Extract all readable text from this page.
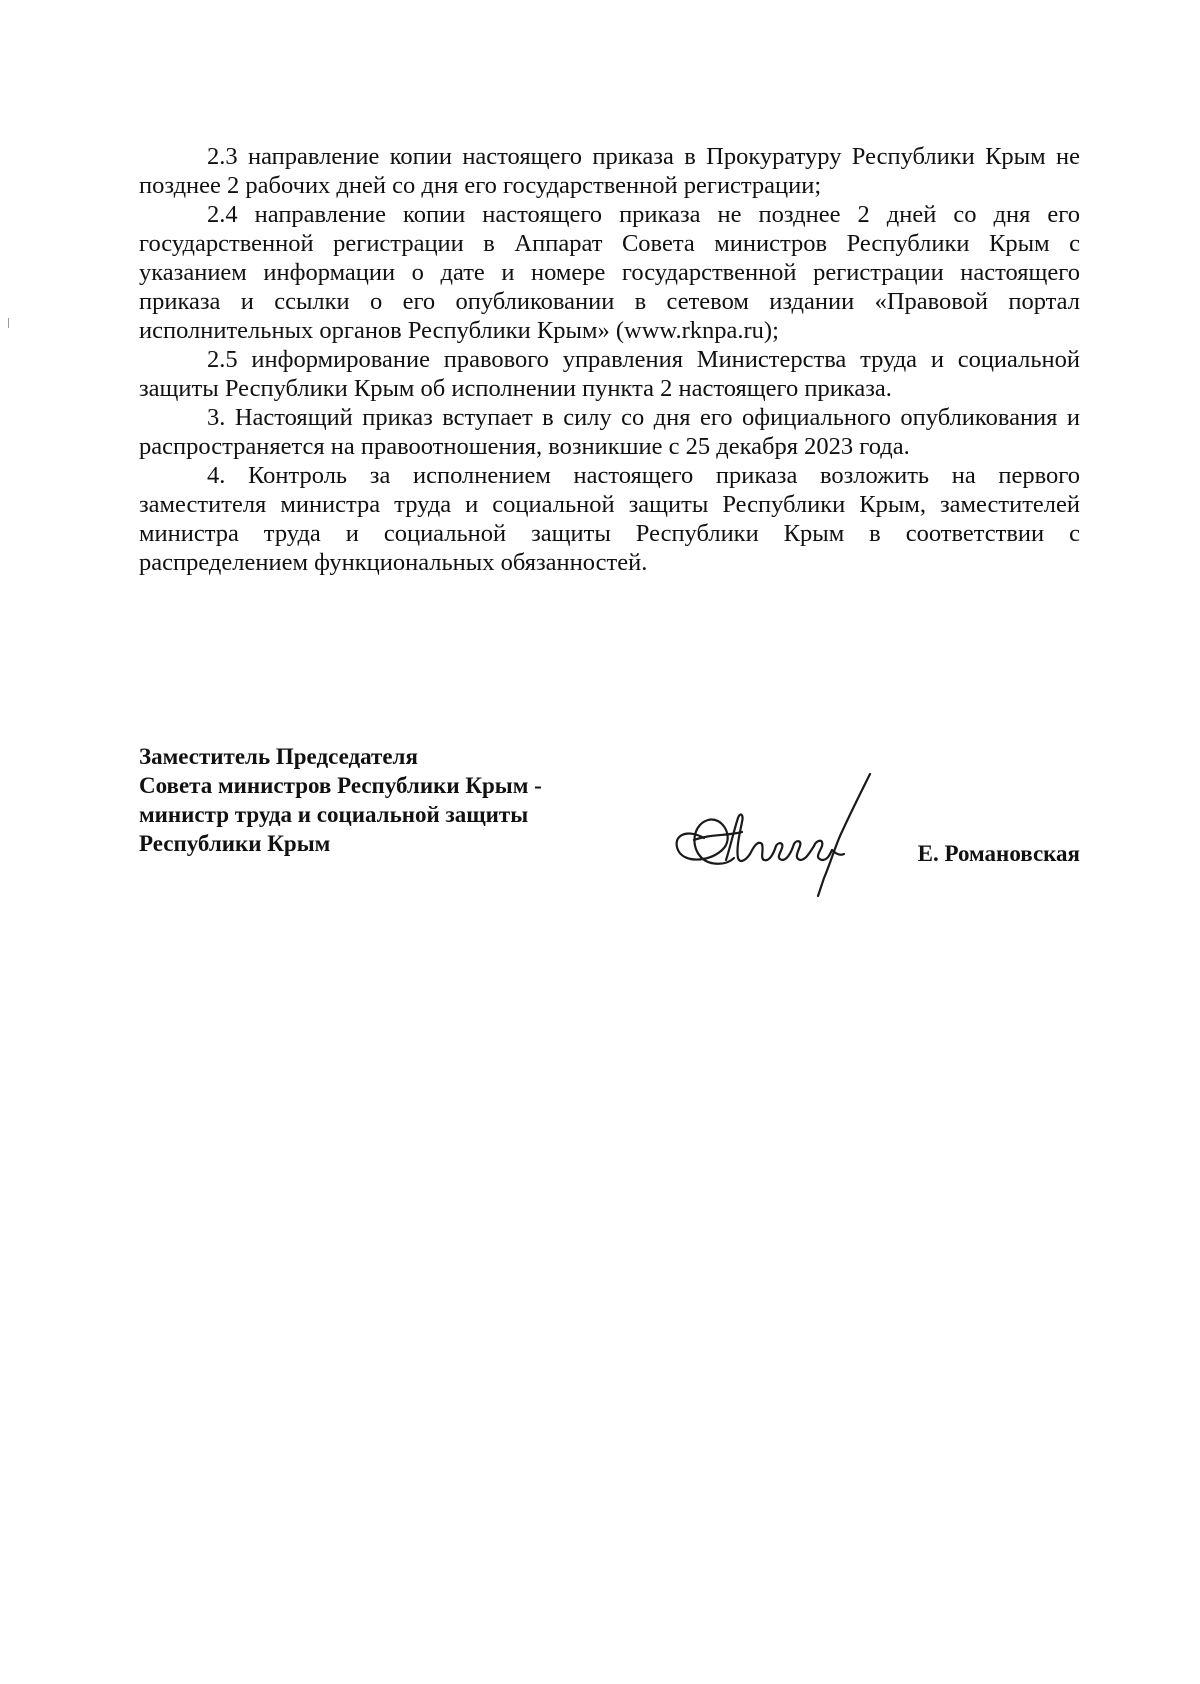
2.3 направление копии настоящего приказа в Прокуратуру Республики Крым не позднее 2 рабочих дней со дня его государственной регистрации;

2.4 направление копии настоящего приказа не позднее 2 дней со дня его государственной регистрации в Аппарат Совета министров Республики Крым с указанием информации о дате и номере государственной регистрации настоящего приказа и ссылки о его опубликовании в сетевом издании «Правовой портал исполнительных органов Республики Крым» (www.rknpa.ru);

2.5 информирование правового управления Министерства труда и социальной защиты Республики Крым об исполнении пункта 2 настоящего приказа.

3. Настоящий приказ вступает в силу со дня его официального опубликования и распространяется на правоотношения, возникшие с 25 декабря 2023 года.

4. Контроль за исполнением настоящего приказа возложить на первого заместителя министра труда и социальной защиты Республики Крым, заместителей министра труда и социальной защиты Республики Крым в соответствии с распределением функциональных обязанностей.

Заместитель Председателя
Совета министров Республики Крым -
министр труда и социальной защиты
Республики Крым	Е. Романовская
